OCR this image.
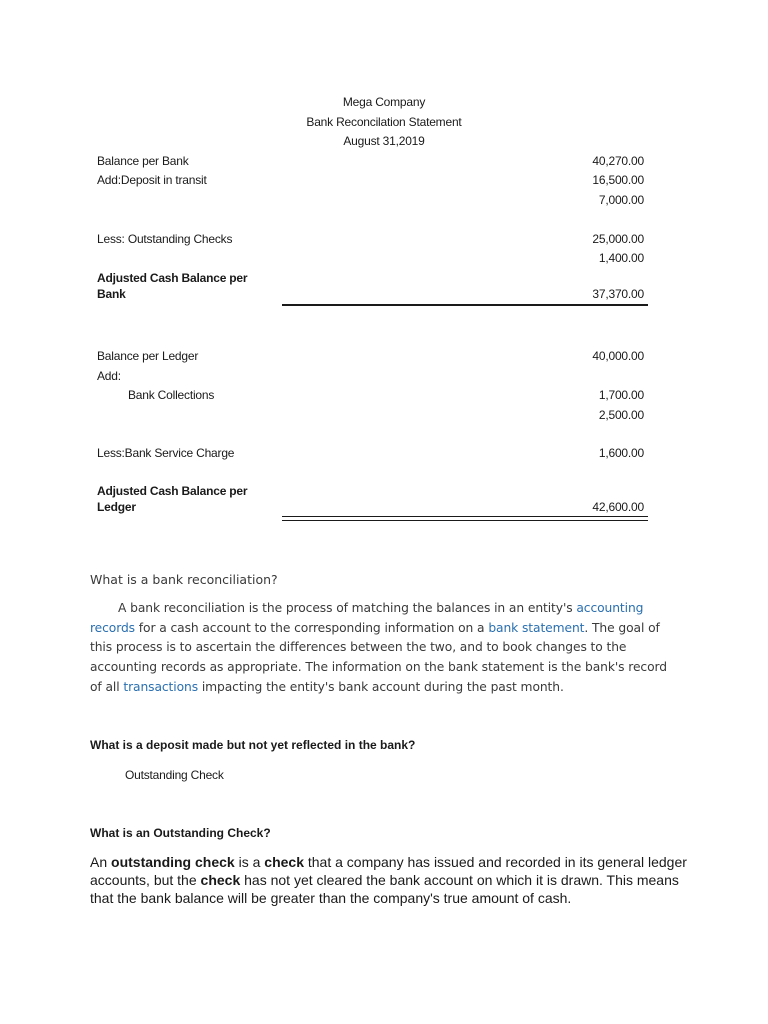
Mega Company
Bank Reconcilation Statement
August 31,2019
Balance per Bank	40,270.00
Add:Deposit in transit	16,500.00
7,000.00
Less: Outstanding Checks	25,000.00
1,400.00
Adjusted Cash Balance per
Bank	37,370.00
Balance per Ledger	40,000.00
Add:
Bank Collections	1,700.00
2,500.00
Less:Bank Service Charge	1,600.00
Adjusted Cash Balance per
Ledger	42,600.00
What is a bank reconciliation?
A bank reconciliation is the process of matching the balances in an entity's accounting records for a cash account to the corresponding information on a bank statement. The goal of this process is to ascertain the differences between the two, and to book changes to the accounting records as appropriate. The information on the bank statement is the bank's record of all transactions impacting the entity's bank account during the past month.
What is a deposit made but not yet reflected in the bank?
Outstanding Check
What is an Outstanding Check?
An outstanding check is a check that a company has issued and recorded in its general ledger accounts, but the check has not yet cleared the bank account on which it is drawn. This means that the bank balance will be greater than the company's true amount of cash.
